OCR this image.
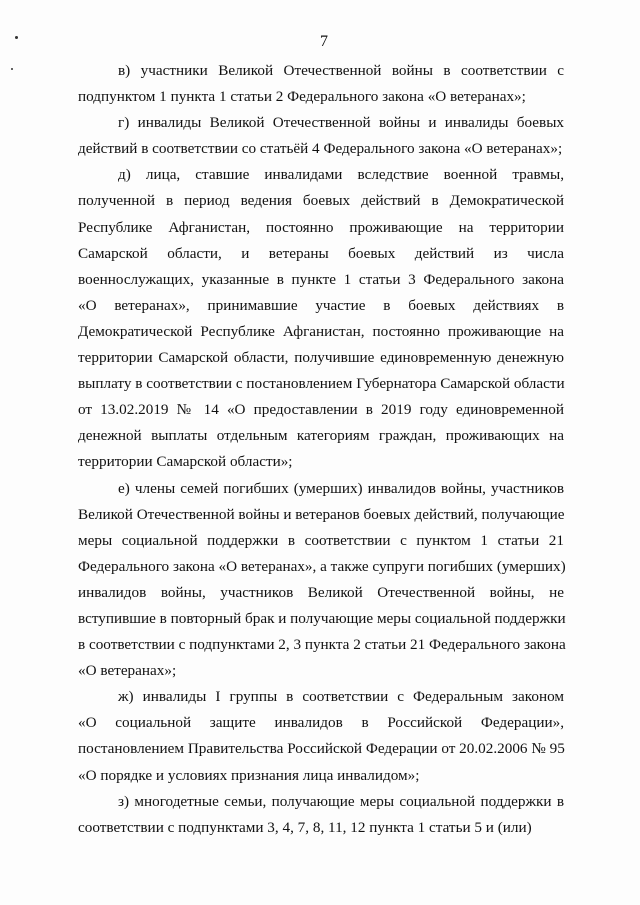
7

в) участники Великой Отечественной войны в соответствии с
подпунктом 1 пункта 1 статьи 2 Федерального закона «О ветеранах»;

г) инвалиды Великой Отечественной войны и инвалиды боевых
действий в соответствии со статьёй 4 Федерального закона «О ветеранах»;

д) лица, ставшие инвалидами вследствие военной травмы,
полученной в период ведения боевых действий в Демократической
Республике Афганистан, постоянно проживающие на территории
Самарской области, и ветераны боевых действий из числа
военнослужащих, указанные в пункте 1 статьи 3 Федерального закона
«О ветеранах», принимавшие участие в боевых действиях в
Демократической Республике Афганистан, постоянно проживающие на
территории Самарской области, получившие единовременную денежную
выплату в соответствии с постановлением Губернатора Самарской области
от 13.02.2019 № 14 «О предоставлении в 2019 году единовременной
денежной выплаты отдельным категориям граждан, проживающих на
территории Самарской области»;

е) члены семей погибших (умерших) инвалидов войны, участников
Великой Отечественной войны и ветеранов боевых действий, получающие
меры социальной поддержки в соответствии с пунктом 1 статьи 21
Федерального закона «О ветеранах», а также супруги погибших (умерших)
инвалидов войны, участников Великой Отечественной войны, не
вступившие в повторный брак и получающие меры социальной поддержки
в соответствии с подпунктами 2, 3 пункта 2 статьи 21 Федерального закона
«О ветеранах»;

ж) инвалиды I группы в соответствии с Федеральным законом
«О социальной защите инвалидов в Российской Федерации»,
постановлением Правительства Российской Федерации от 20.02.2006 № 95
«О порядке и условиях признания лица инвалидом»;

з) многодетные семьи, получающие меры социальной поддержки в
соответствии с подпунктами 3, 4, 7, 8, 11, 12 пункта 1 статьи 5 и (или)
